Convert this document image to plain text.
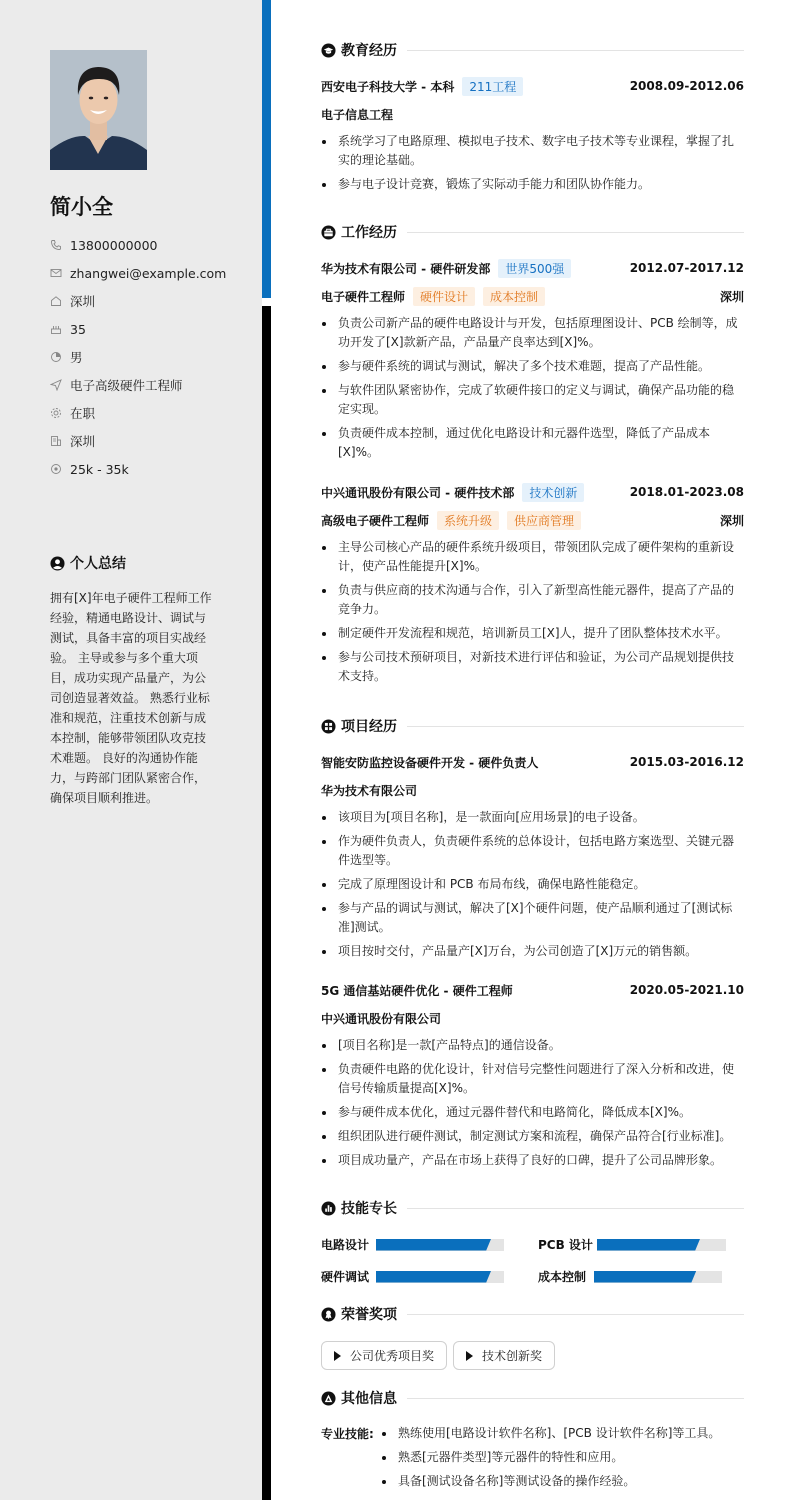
简小全
13800000000
zhangwei@example.com
深圳
35
男
电子高级硬件工程师
在职
深圳
25k - 35k
个人总结
拥有[X]年电子硬件工程师工作经验，精通电路设计、调试与测试，具备丰富的项目实战经验。 主导或参与多个重大项目，成功实现产品量产，为公司创造显著效益。 熟悉行业标准和规范，注重技术创新与成本控制，能够带领团队攻克技术难题。 良好的沟通协作能力，与跨部门团队紧密合作，确保项目顺利推进。
教育经历
西安电子科技大学 - 本科	211工程	2008.09-2012.06
电子信息工程
系统学习了电路原理、模拟电子技术、数字电子技术等专业课程，掌握了扎实的理论基础。
参与电子设计竞赛，锻炼了实际动手能力和团队协作能力。
工作经历
华为技术有限公司 - 硬件研发部	世界500强	2012.07-2017.12
电子硬件工程师	硬件设计	成本控制	深圳
负责公司新产品的硬件电路设计与开发，包括原理图设计、PCB 绘制等，成功开发了[X]款新产品，产品量产良率达到[X]%。
参与硬件系统的调试与测试，解决了多个技术难题，提高了产品性能。
与软件团队紧密协作，完成了软硬件接口的定义与调试，确保产品功能的稳定实现。
负责硬件成本控制，通过优化电路设计和元器件选型，降低了产品成本[X]%。
中兴通讯股份有限公司 - 硬件技术部	技术创新	2018.01-2023.08
高级电子硬件工程师	系统升级	供应商管理	深圳
主导公司核心产品的硬件系统升级项目，带领团队完成了硬件架构的重新设计，使产品性能提升[X]%。
负责与供应商的技术沟通与合作，引入了新型高性能元器件，提高了产品的竞争力。
制定硬件开发流程和规范，培训新员工[X]人，提升了团队整体技术水平。
参与公司技术预研项目，对新技术进行评估和验证，为公司产品规划提供技术支持。
项目经历
智能安防监控设备硬件开发 - 硬件负责人	2015.03-2016.12
华为技术有限公司
该项目为[项目名称]，是一款面向[应用场景]的电子设备。
作为硬件负责人，负责硬件系统的总体设计，包括电路方案选型、关键元器件选型等。
完成了原理图设计和 PCB 布局布线，确保电路性能稳定。
参与产品的调试与测试，解决了[X]个硬件问题，使产品顺利通过了[测试标准]测试。
项目按时交付，产品量产[X]万台，为公司创造了[X]万元的销售额。
5G 通信基站硬件优化 - 硬件工程师	2020.05-2021.10
中兴通讯股份有限公司
[项目名称]是一款[产品特点]的通信设备。
负责硬件电路的优化设计，针对信号完整性问题进行了深入分析和改进，使信号传输质量提高[X]%。
参与硬件成本优化，通过元器件替代和电路简化，降低成本[X]%。
组织团队进行硬件测试，制定测试方案和流程，确保产品符合[行业标准]。
项目成功量产，产品在市场上获得了良好的口碑，提升了公司品牌形象。
技能专长
电路设计	PCB 设计
硬件调试	成本控制
荣誉奖项
公司优秀项目奖	技术创新奖
其他信息
专业技能:	熟练使用[电路设计软件名称]、[PCB 设计软件名称]等工具。
熟悉[元器件类型]等元器件的特性和应用。
具备[测试设备名称]等测试设备的操作经验。
